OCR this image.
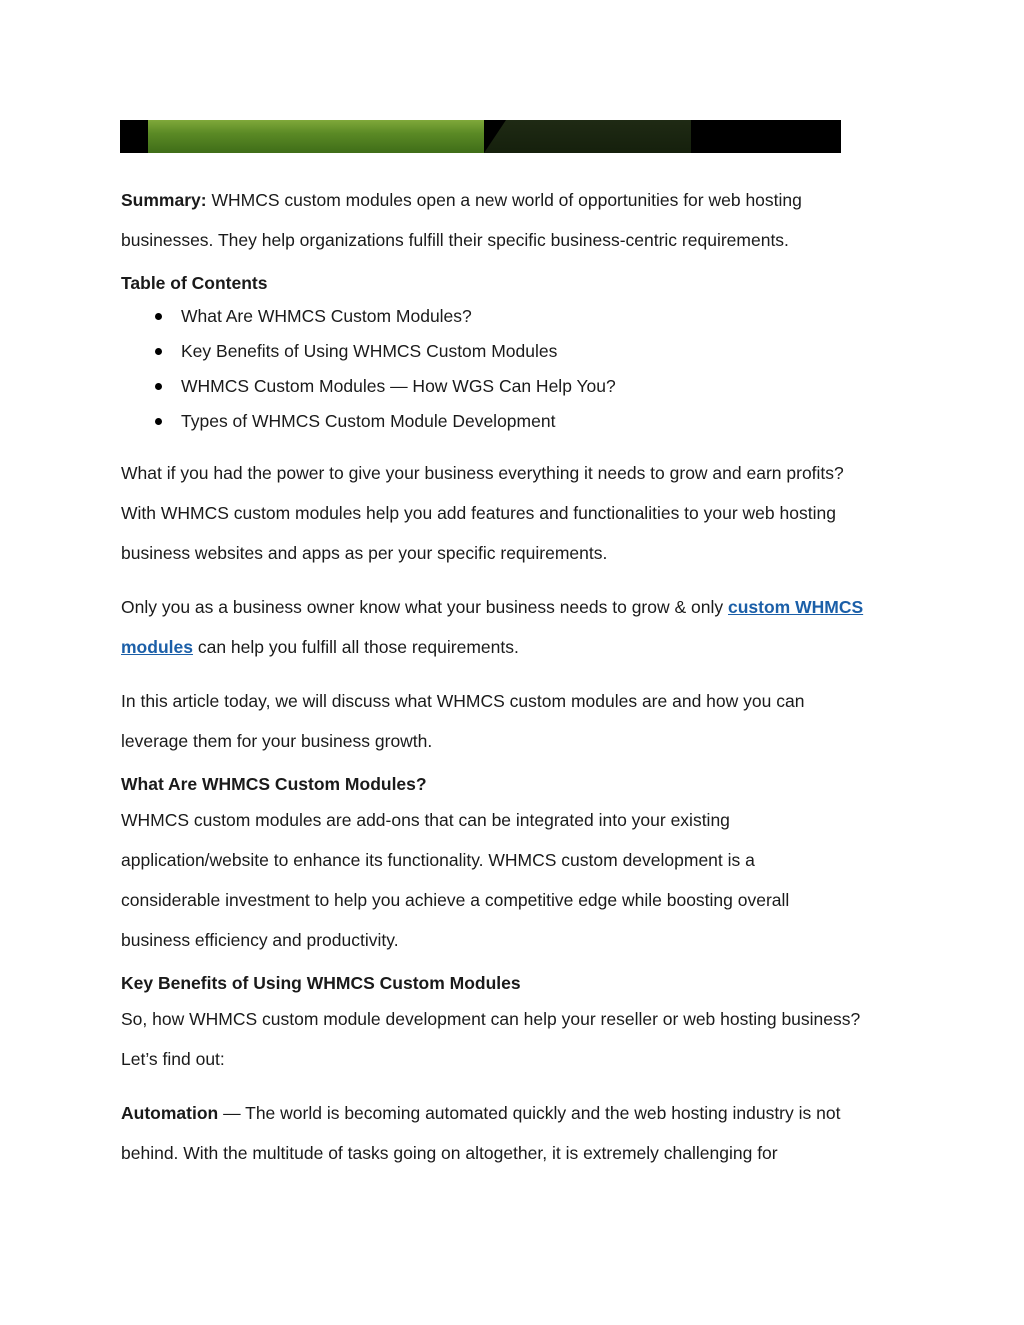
Summary: WHMCS custom modules open a new world of opportunities for web hosting

businesses. They help organizations fulfill their specific business-centric requirements.

Table of Contents

What Are WHMCS Custom Modules?
Key Benefits of Using WHMCS Custom Modules
WHMCS Custom Modules — How WGS Can Help You?
Types of WHMCS Custom Module Development

What if you had the power to give your business everything it needs to grow and earn profits?

With WHMCS custom modules help you add features and functionalities to your web hosting

business websites and apps as per your specific requirements.

Only you as a business owner know what your business needs to grow & only custom WHMCS

modules can help you fulfill all those requirements.

In this article today, we will discuss what WHMCS custom modules are and how you can

leverage them for your business growth.

What Are WHMCS Custom Modules?

WHMCS custom modules are add-ons that can be integrated into your existing

application/website to enhance its functionality. WHMCS custom development is a

considerable investment to help you achieve a competitive edge while boosting overall

business efficiency and productivity.

Key Benefits of Using WHMCS Custom Modules

So, how WHMCS custom module development can help your reseller or web hosting business?

Let’s find out:

Automation — The world is becoming automated quickly and the web hosting industry is not

behind. With the multitude of tasks going on altogether, it is extremely challenging for
